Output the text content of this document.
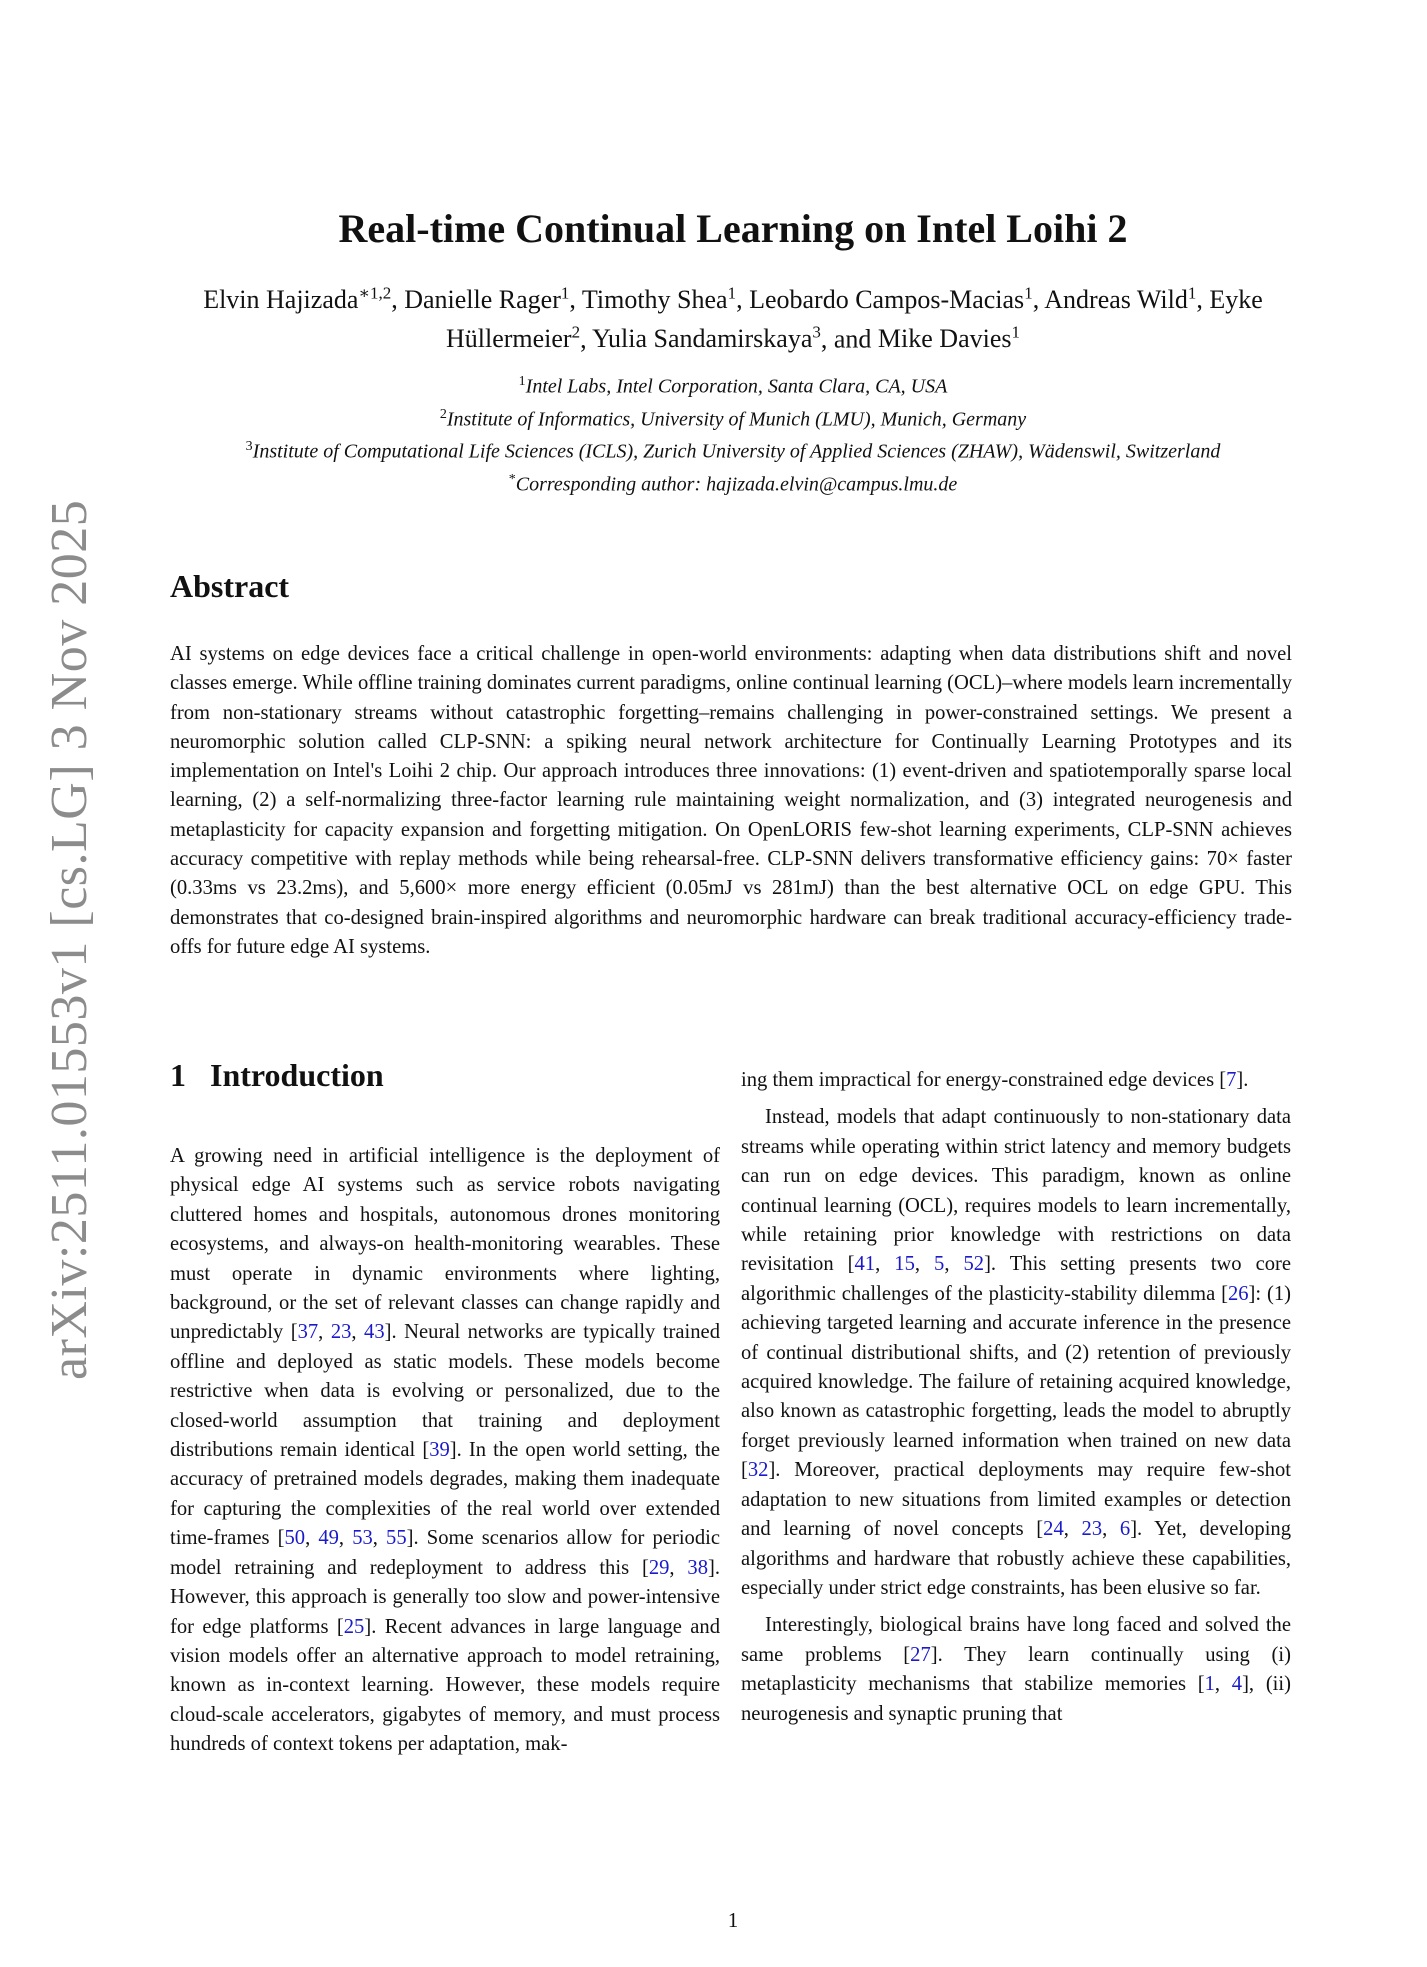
arXiv:2511.01553v1 [cs.LG] 3 Nov 2025
Real-time Continual Learning on Intel Loihi 2
Elvin Hajizada$^{∗1,2}$, Danielle Rager$^1$, Timothy Shea$^1$, Leobardo Campos-Macias$^1$, Andreas Wild$^1$, Eyke Hüllermeier$^2$, Yulia Sandamirskaya$^3$, and Mike Davies$^1$
$^1$Intel Labs, Intel Corporation, Santa Clara, CA, USA
$^2$Institute of Informatics, University of Munich (LMU), Munich, Germany
$^3$Institute of Computational Life Sciences (ICLS), Zurich University of Applied Sciences (ZHAW), Wädenswil, Switzerland
*Corresponding author: hajizada.elvin@campus.lmu.de
Abstract
AI systems on edge devices face a critical challenge in open-world environments: adapting when data distributions shift and novel classes emerge. While offline training dominates current paradigms, online continual learning (OCL)–where models learn incrementally from non-stationary streams without catastrophic forgetting–remains challenging in power-constrained settings. We present a neuromorphic solution called CLP-SNN: a spiking neural network architecture for Continually Learning Prototypes and its implementation on Intel's Loihi 2 chip. Our approach introduces three innovations: (1) event-driven and spatiotemporally sparse local learning, (2) a self-normalizing three-factor learning rule maintaining weight normalization, and (3) integrated neurogenesis and metaplasticity for capacity expansion and forgetting mitigation. On OpenLORIS few-shot learning experiments, CLP-SNN achieves accuracy competitive with replay methods while being rehearsal-free. CLP-SNN delivers transformative efficiency gains: 70× faster (0.33ms vs 23.2ms), and 5,600× more energy efficient (0.05mJ vs 281mJ) than the best alternative OCL on edge GPU. This demonstrates that co-designed brain-inspired algorithms and neuromorphic hardware can break traditional accuracy-efficiency trade-offs for future edge AI systems.
1 Introduction

A growing need in artificial intelligence is the deployment of physical edge AI systems such as service robots navigating cluttered homes and hospitals, autonomous drones monitoring ecosystems, and always-on health-monitoring wearables. These must operate in dynamic environments where lighting, background, or the set of relevant classes can change rapidly and unpredictably [37, 23, 43]. Neural networks are typically trained offline and deployed as static models. These models become restrictive when data is evolving or personalized, due to the closed-world assumption that training and deployment distributions remain identical [39]. In the open world setting, the accuracy of pretrained models degrades, making them inadequate for capturing the complexities of the real world over extended time-frames [50, 49, 53, 55]. Some scenarios allow for periodic model retraining and redeployment to address this [29, 38]. However, this approach is generally too slow and power-intensive for edge platforms [25]. Recent advances in large language and vision models offer an alternative approach to model retraining, known as in-context learning. However, these models require cloud-scale accelerators, gigabytes of memory, and must process hundreds of context tokens per adaptation, mak-

ing them impractical for energy-constrained edge devices [7].

Instead, models that adapt continuously to non-stationary data streams while operating within strict latency and memory budgets can run on edge devices. This paradigm, known as online continual learning (OCL), requires models to learn incrementally, while retaining prior knowledge with restrictions on data revisitation [41, 15, 5, 52]. This setting presents two core algorithmic challenges of the plasticity-stability dilemma [26]: (1) achieving targeted learning and accurate inference in the presence of continual distributional shifts, and (2) retention of previously acquired knowledge. The failure of retaining acquired knowledge, also known as catastrophic forgetting, leads the model to abruptly forget previously learned information when trained on new data [32]. Moreover, practical deployments may require few-shot adaptation to new situations from limited examples or detection and learning of novel concepts [24, 23, 6]. Yet, developing algorithms and hardware that robustly achieve these capabilities, especially under strict edge constraints, has been elusive so far.

Interestingly, biological brains have long faced and solved the same problems [27]. They learn continually using (i) metaplasticity mechanisms that stabilize memories [1, 4], (ii) neurogenesis and synaptic pruning that

1
